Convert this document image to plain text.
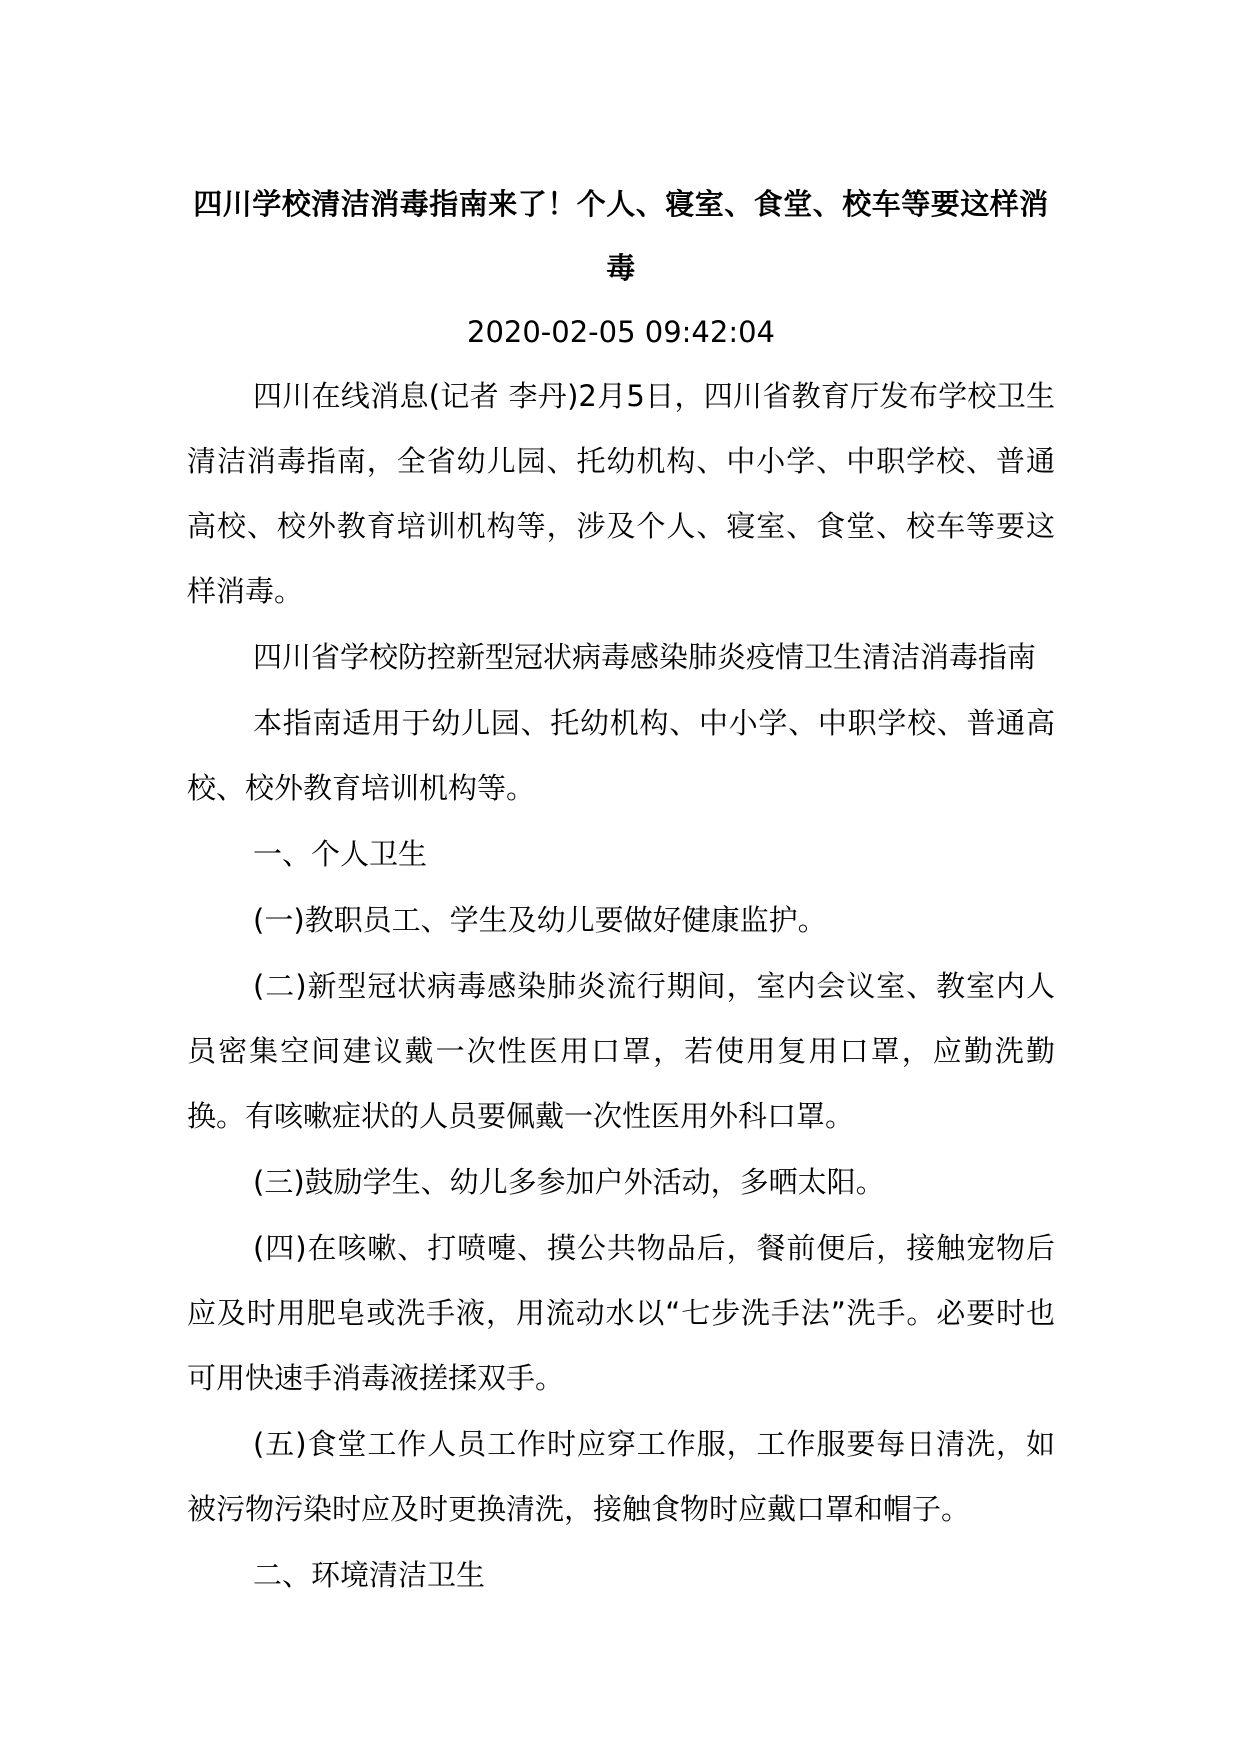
四川学校清洁消毒指南来了！个人、寝室、食堂、校车等要这样消毒

2020-02-05 09:42:04

四川在线消息(记者 李丹)2月5日，四川省教育厅发布学校卫生清洁消毒指南，全省幼儿园、托幼机构、中小学、中职学校、普通高校、校外教育培训机构等，涉及个人、寝室、食堂、校车等要这样消毒。

四川省学校防控新型冠状病毒感染肺炎疫情卫生清洁消毒指南

本指南适用于幼儿园、托幼机构、中小学、中职学校、普通高校、校外教育培训机构等。

一、个人卫生

(一)教职员工、学生及幼儿要做好健康监护。

(二)新型冠状病毒感染肺炎流行期间，室内会议室、教室内人员密集空间建议戴一次性医用口罩，若使用复用口罩，应勤洗勤换。有咳嗽症状的人员要佩戴一次性医用外科口罩。

(三)鼓励学生、幼儿多参加户外活动，多晒太阳。

(四)在咳嗽、打喷嚏、摸公共物品后，餐前便后，接触宠物后应及时用肥皂或洗手液，用流动水以“七步洗手法”洗手。必要时也可用快速手消毒液搓揉双手。

(五)食堂工作人员工作时应穿工作服，工作服要每日清洗，如被污物污染时应及时更换清洗，接触食物时应戴口罩和帽子。

二、环境清洁卫生
